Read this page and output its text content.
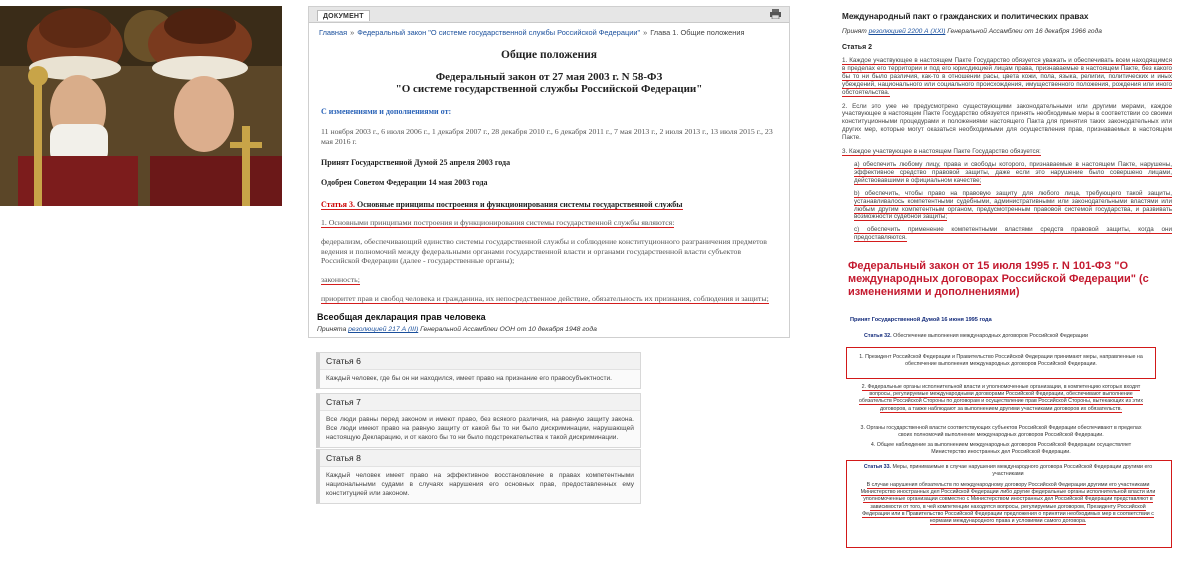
ДОКУМЕНТ
Главная » Федеральный закон "О системе государственной службы Российской Федерации" » Глава 1. Общие положения
Общие положения
Федеральный закон от 27 мая 2003 г. N 58-ФЗ
"О системе государственной службы Российской Федерации"
С изменениями и дополнениями от:
11 ноября 2003 г., 6 июля 2006 г., 1 декабря 2007 г., 28 декабря 2010 г., 6 декабря 2011 г., 7 мая 2013 г., 2 июля 2013 г., 13 июля 2015 г., 23 мая 2016 г.
Принят Государственной Думой 25 апреля 2003 года
Одобрен Советом Федерации 14 мая 2003 года
Статья 3. Основные принципы построения и функционирования системы государственной службы
1. Основными принципами построения и функционирования системы государственной службы являются:
федерализм, обеспечивающий единство системы государственной службы и соблюдение конституционного разграничения предметов ведения и полномочий между федеральными органами государственной власти и органами государственной власти субъектов Российской Федерации (далее - государственные органы);
законность;
приоритет прав и свобод человека и гражданина, их непосредственное действие, обязательность их признания, соблюдения и защиты;
Всеобщая декларация прав человека
Принята резолюцией 217 А (III) Генеральной Ассамблеи ООН от 10 декабря 1948 года
Статья 6
Каждый человек, где бы он ни находился, имеет право на признание его правосубъектности.
Статья 7
Все люди равны перед законом и имеют право, без всякого различия, на равную защиту закона. Все люди имеют право на равную защиту от какой бы то ни было дискриминации, нарушающей настоящую Декларацию, и от какого бы то ни было подстрекательства к такой дискриминации.
Статья 8
Каждый человек имеет право на эффективное восстановление в правах компетентными национальными судами в случаях нарушения его основных прав, предоставленных ему конституцией или законом.
Международный пакт о гражданских и политических правах
Принят резолюцией 2200 А (XXI) Генеральной Ассамблеи от 16 декабря 1966 года
Статья 2
1. Каждое участвующее в настоящем Пакте Государство обязуется уважать и обеспечивать всем находящимся в пределах его территории и под его юрисдикцией лицам права, признаваемые в настоящем Пакте, без какого бы то ни было различия, как-то в отношении расы, цвета кожи, пола, языка, религии, политических и иных убеждений, национального или социального происхождения, имущественного положения, рождения или иного обстоятельства.
2. Если это уже не предусмотрено существующими законодательными или другими мерами, каждое участвующее в настоящем Пакте Государство обязуется принять необходимые меры в соответствии со своими конституционными процедурами и положениями настоящего Пакта для принятия таких законодательных или других мер, которые могут оказаться необходимыми для осуществления прав, признаваемых в настоящем Пакте.
3. Каждое участвующее в настоящем Пакте Государство обязуется:
a) обеспечить любому лицу, права и свободы которого, признаваемые в настоящем Пакте, нарушены, эффективное средство правовой защиты, даже если это нарушение было совершено лицами, действовавшими в официальном качестве;
b) обеспечить, чтобы право на правовую защиту для любого лица, требующего такой защиты, устанавливалось компетентными судебными, административными или законодательными властями или любым другим компетентным органом, предусмотренным правовой системой государства, и развивать возможности судебной защиты;
c) обеспечить применение компетентными властями средств правовой защиты, когда они предоставляются.
Федеральный закон от 15 июля 1995 г. N 101-ФЗ "О международных договорах Российской Федерации" (с изменениями и дополнениями)
Принят Государственной Думой 16 июня 1995 года
Статья 32. Обеспечение выполнения международных договоров Российской Федерации
1. Президент Российской Федерации и Правительство Российской Федерации принимают меры, направленные на обеспечение выполнения международных договоров Российской Федерации.
2. Федеральные органы исполнительной власти и уполномоченные организации, в компетенцию которых входят вопросы, регулируемые международными договорами Российской Федерации, обеспечивают выполнение обязательств Российской Стороны по договорам и осуществление прав Российской Стороны, вытекающих из этих договоров, а также наблюдают за выполнением другими участниками договоров их обязательств.
3. Органы государственной власти соответствующих субъектов Российской Федерации обеспечивают в пределах своих полномочий выполнение международных договоров Российской Федерации.
4. Общее наблюдение за выполнением международных договоров Российской Федерации осуществляет Министерство иностранных дел Российской Федерации.
Статья 33. Меры, принимаемые в случае нарушения международного договора Российской Федерации другими его участниками
В случае нарушения обязательств по международному договору Российской Федерации другими его участниками Министерство иностранных дел Российской Федерации либо другие федеральные органы исполнительной власти или уполномоченные организации совместно с Министерством иностранных дел Российской Федерации представляют в зависимости от того, в чей компетенции находятся вопросы, регулируемые договором, Президенту Российской Федерации или в Правительство Российской Федерации предложения о принятии необходимых мер в соответствии с нормами международного права и условиями самого договора.
